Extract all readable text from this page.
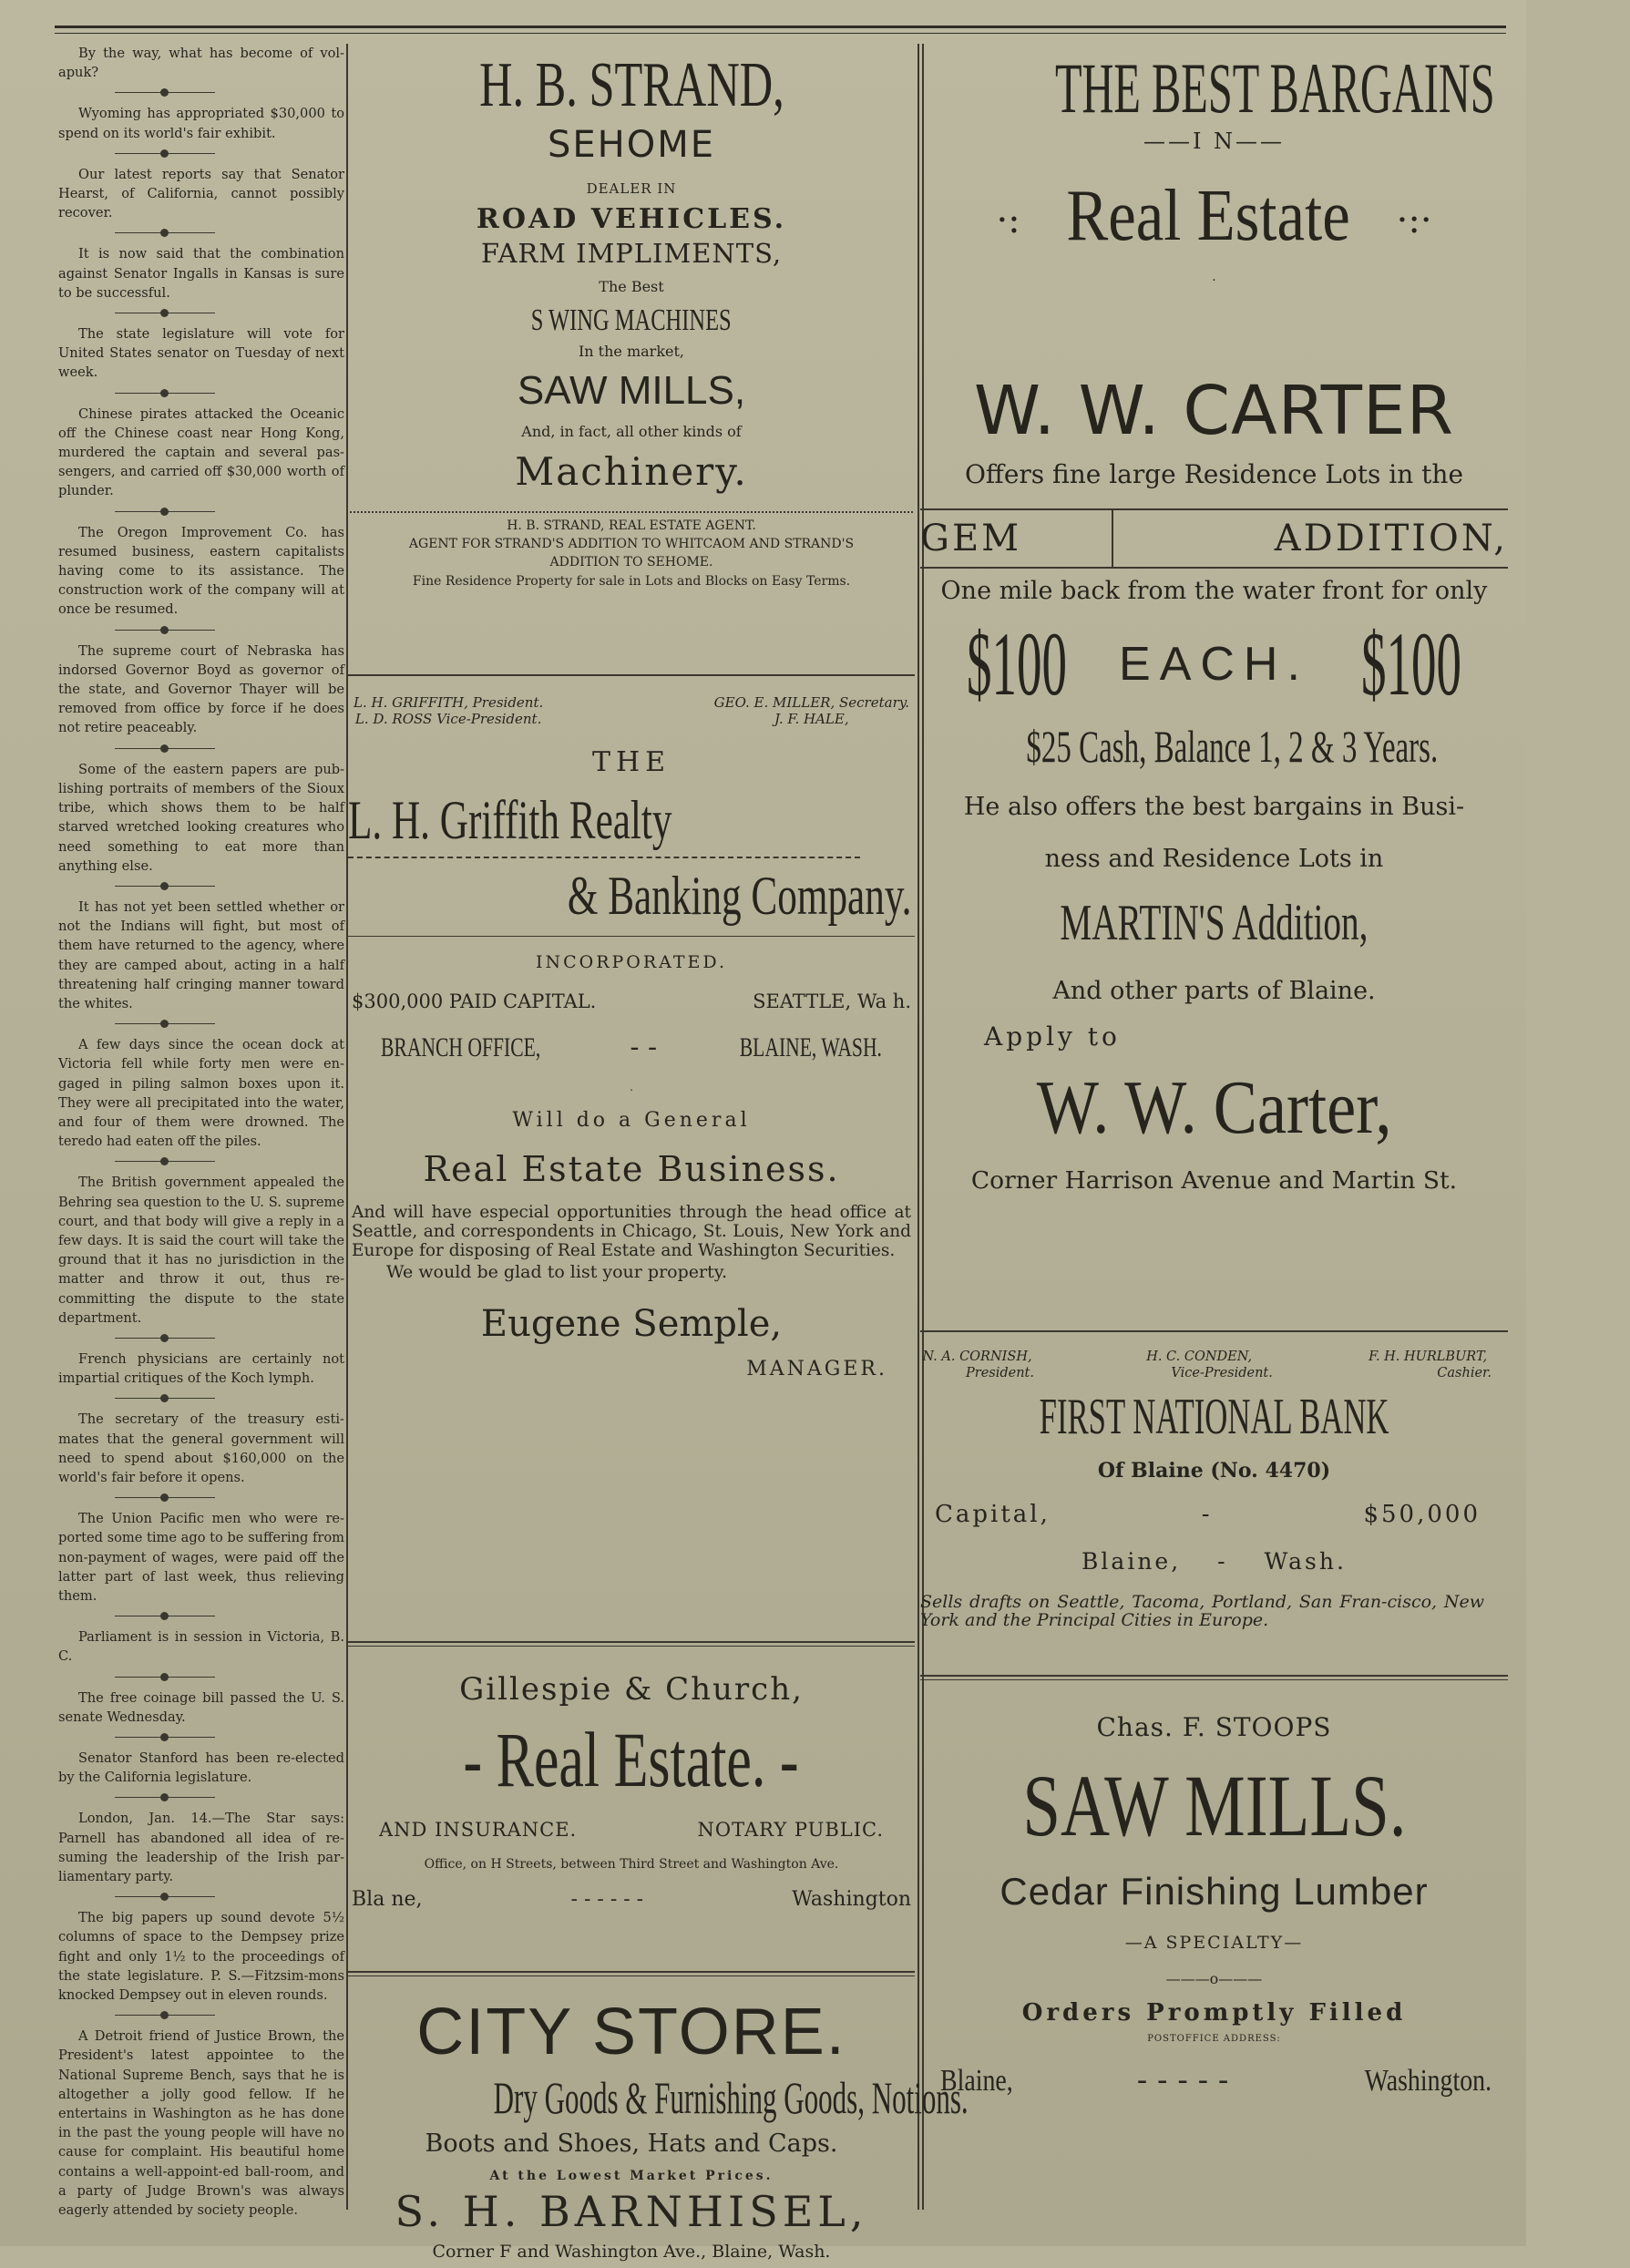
By the way, what has become of vol-apuk?

Wyoming has appropriated $30,000 to spend on its world's fair exhibit.

Our latest reports say that Senator Hearst, of California, cannot possibly recover.

It is now said that the combination against Senator Ingalls in Kansas is sure to be successful.

The state legislature will vote for United States senator on Tuesday of next week.

Chinese pirates attacked the Oceanic off the Chinese coast near Hong Kong, murdered the captain and several pas-sengers, and carried off $30,000 worth of plunder.

The Oregon Improvement Co. has resumed business, eastern capitalists having come to its assistance. The construction work of the company will at once be resumed.

The supreme court of Nebraska has indorsed Governor Boyd as governor of the state, and Governor Thayer will be removed from office by force if he does not retire peaceably.

Some of the eastern papers are pub-lishing portraits of members of the Sioux tribe, which shows them to be half starved wretched looking creatures who need something to eat more than anything else.

It has not yet been settled whether or not the Indians will fight, but most of them have returned to the agency, where they are camped about, acting in a half threatening half cringing manner toward the whites.

A few days since the ocean dock at Victoria fell while forty men were en-gaged in piling salmon boxes upon it. They were all precipitated into the water, and four of them were drowned. The teredo had eaten off the piles.

The British government appealed the Behring sea question to the U. S. supreme court, and that body will give a reply in a few days. It is said the court will take the ground that it has no jurisdiction in the matter and throw it out, thus re-committing the dispute to the state department.

French physicians are certainly not impartial critiques of the Koch lymph.

The secretary of the treasury esti-mates that the general government will need to spend about $160,000 on the world's fair before it opens.

The Union Pacific men who were re-ported some time ago to be suffering from non-payment of wages, were paid off the latter part of last week, thus relieving them.

Parliament is in session in Victoria, B. C.

The free coinage bill passed the U. S. senate Wednesday.

Senator Stanford has been re-elected by the California legislature.

London, Jan. 14.—The Star says: Parnell has abandoned all idea of re-suming the leadership of the Irish par-liamentary party.

The big papers up sound devote 5½ columns of space to the Dempsey prize fight and only 1½ to the proceedings of the state legislature. P. S.—Fitzsim-mons knocked Dempsey out in eleven rounds.

A Detroit friend of Justice Brown, the President's latest appointee to the National Supreme Bench, says that he is altogether a jolly good fellow. If he entertains in Washington as he has done in the past the young people will have no cause for complaint. His beautiful home contains a well-appoint-ed ball-room, and a party of Judge Brown's was always eagerly attended by society people.

H. B. STRAND,
SEHOME
DEALER IN
ROAD VEHICLES.
FARM IMPLIMENTS,
The Best
S WING MACHINES
In the market,
SAW MILLS,
And, in fact, all other kinds of
Machinery.
H. B. STRAND, REAL ESTATE AGENT.
AGENT FOR STRAND'S ADDITION TO WHITCAOM AND STRAND'S
ADDITION TO SEHOME.
Fine Residence Property for sale in Lots and Blocks on Easy Terms.
L. H. GRIFFITH, President.
L. D. ROSS Vice-President.
GEO. E. MILLER, Secretary.
J. F. HALE,
THE
L. H. Griffith Realty
& Banking Company.
INCORPORATED.
$300,000 PAID CAPITAL.	SEATTLE, Wa h.
BRANCH OFFICE,	- -	BLAINE, WASH.
.
Will do a General
Real Estate Business.
And will have especial opportunities through the head office at Seattle, and correspondents in Chicago, St. Louis, New York and Europe for disposing of Real Estate and Washington Securities.
We would be glad to list your property.
Eugene Semple,
MANAGER.
Gillespie & Church,
- Real Estate. -
AND INSURANCE.	NOTARY PUBLIC.
Office, on H Streets, between Third Street and Washington Ave.
Bla ne,	- - - - - -	Washington
CITY STORE.
Dry Goods & Furnishing Goods, Notions.
Boots and Shoes, Hats and Caps.
At the Lowest Market Prices.
S. H. BARNHISEL,
Corner F and Washington Ave., Blaine, Wash.
THE BEST BARGAINS
——I N——
·: Real Estate ·:·
·
W. W. CARTER
Offers fine large Residence Lots in the
GEM	ADDITION,
One mile back from the water front for only
$100 EACH. $100
$25 Cash, Balance 1, 2 & 3 Years.
He also offers the best bargains in Busi-
ness and Residence Lots in
MARTIN'S Addition,
And other parts of Blaine.
Apply to
W. W. Carter,
Corner Harrison Avenue and Martin St.
N. A. CORNISH,
President.
H. C. CONDEN,
Vice-President.
F. H. HURLBURT,
Cashier.
FIRST NATIONAL BANK
Of Blaine (No. 4470)
Capital,	-	$50,000
Blaine, - Wash.
Sells drafts on Seattle, Tacoma, Portland, San Fran-cisco, New York and the Principal Cities in Europe.
Chas. F. STOOPS
SAW MILLS.
Cedar Finishing Lumber
—A SPECIALTY—
———o———
Orders Promptly Filled
POSTOFFICE ADDRESS:
Blaine,	- - - - -	Washington.
